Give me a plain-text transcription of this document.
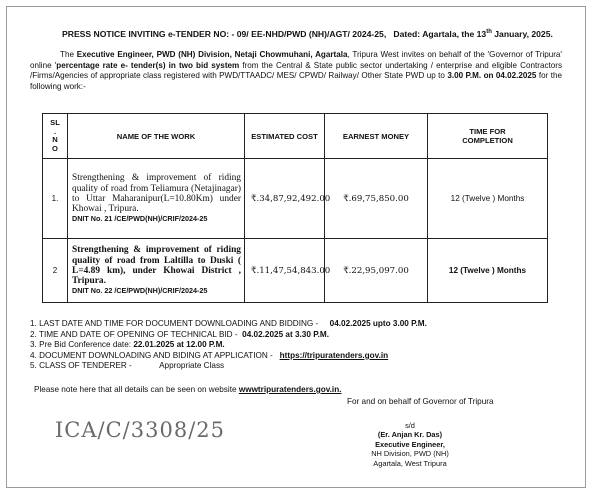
PRESS NOTICE INVITING e-TENDER NO: - 09/ EE-NHD/PWD (NH)/AGT/ 2024-25, Dated: Agartala, the 13th January, 2025.
The Executive Engineer, PWD (NH) Division, Netaji Chowmuhani, Agartala, Tripura West invites on behalf of the 'Governor of Tripura' online 'percentage rate e- tender(s) in two bid system from the Central & State public sector undertaking / enterprise and eligible Contractors /Firms/Agencies of appropriate class registered with PWD/TTAADC/ MES/ CPWD/ Railway/ Other State PWD up to 3.00 P.M. on 04.02.2025 for the following work:-
SL
.
N
O	NAME OF THE WORK	ESTIMATED COST	EARNEST MONEY	TIME FOR COMPLETION
1.	Strengthening & improvement of riding quality of road from Teliamura (Netajinagar) to Uttar Maharanipur(L=10.80Km) under Khowai , Tripura.
DNIT No. 21 /CE/PWD(NH)/CRIF/2024-25	₹.34,87,92,492.00	₹.69,75,850.00	12 (Twelve ) Months
2	Strengthening & improvement of riding quality of road from Laltilla to Duski ( L=4.89 km), under Khowai District , Tripura.
DNIT No. 22 /CE/PWD(NH)/CRIF/2024-25	₹.11,47,54,843.00	₹.22,95,097.00	12 (Twelve ) Months
1. LAST DATE AND TIME FOR DOCUMENT DOWNLOADING AND BIDDING - 04.02.2025 upto 3.00 P.M.
2. TIME AND DATE OF OPENING OF TECHNICAL BID - 04.02.2025 at 3.30 P.M.
3. Pre Bid Conference date: 22.01.2025 at 12.00 P.M.
4. DOCUMENT DOWNLOADING AND BIDING AT APPLICATION - https://tripuratenders.gov.in
5. CLASS OF TENDERER -	Appropriate Class
Please note here that all details can be seen on website wwwtripuratenders.gov.in.
For and on behalf of Governor of Tripura
s/d
(Er. Anjan Kr. Das)
Executive Engineer,
NH Division, PWD (NH)
Agartala, West Tripura
ICA/C/3308/25
